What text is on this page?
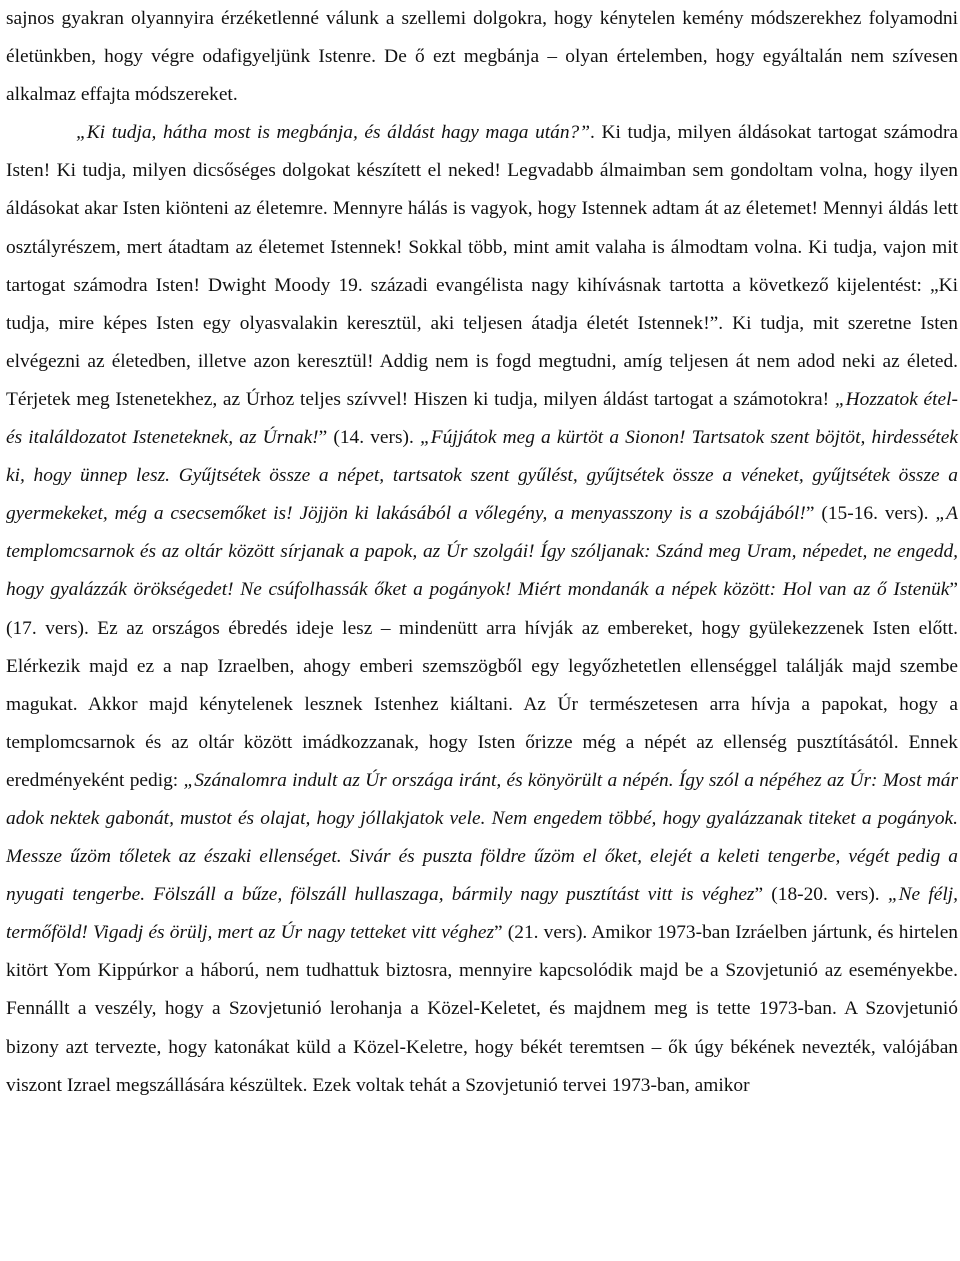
sajnos gyakran olyannyira érzéketlenné válunk a szellemi dolgokra, hogy kénytelen kemény módszerekhez folyamodni életünkben, hogy végre odafigyeljünk Istenre. De ő ezt megbánja – olyan értelemben, hogy egyáltalán nem szívesen alkalmaz effajta módszereket.

„Ki tudja, hátha most is megbánja, és áldást hagy maga után?”. Ki tudja, milyen áldásokat tartogat számodra Isten! Ki tudja, milyen dicsőséges dolgokat készített el neked! Legvadabb álmaimban sem gondoltam volna, hogy ilyen áldásokat akar Isten kiönteni az életemre. Mennyre hálás is vagyok, hogy Istennek adtam át az életemet! Mennyi áldás lett osztályrészem, mert átadtam az életemet Istennek! Sokkal több, mint amit valaha is álmodtam volna. Ki tudja, vajon mit tartogat számodra Isten! Dwight Moody 19. századi evangélista nagy kihívásnak tartotta a következő kijelentést: „Ki tudja, mire képes Isten egy olyasvalakin keresztül, aki teljesen átadja életét Istennek!”. Ki tudja, mit szeretne Isten elvégezni az életedben, illetve azon keresztül! Addig nem is fogd megtudni, amíg teljesen át nem adod neki az életed. Térjetek meg Istenetekhez, az Úrhoz teljes szívvel! Hiszen ki tudja, milyen áldást tartogat a számotokra! „Hozzatok étel-és italáldozatot Isteneteknek, az Úrnak!” (14. vers). „Fújjátok meg a kürtöt a Sionon! Tartsatok szent böjtöt, hirdessétek ki, hogy ünnep lesz. Gyűjtsétek össze a népet, tartsatok szent gyűlést, gyűjtsétek össze a véneket, gyűjtsétek össze a gyermekeket, még a csecsemőket is! Jöjjön ki lakásából a vőlegény, a menyasszony is a szobájából!” (15-16. vers). „A templomcsarnok és az oltár között sírjanak a papok, az Úr szolgái! Így szóljanak: Szánd meg Uram, népedet, ne engedd, hogy gyalázzák örökségedet! Ne csúfolhassák őket a pogányok! Miért mondanák a népek között: Hol van az ő Istenük” (17. vers). Ez az országos ébredés ideje lesz – mindenütt arra hívják az embereket, hogy gyülekezzenek Isten előtt. Elérkezik majd ez a nap Izraelben, ahogy emberi szemszögből egy legyőzhetetlen ellenséggel találják majd szembe magukat. Akkor majd kénytelenek lesznek Istenhez kiáltani. Az Úr természetesen arra hívja a papokat, hogy a templomcsarnok és az oltár között imádkozzanak, hogy Isten őrizze még a népét az ellenség pusztításától. Ennek eredményeként pedig: „Szánalomra indult az Úr országa iránt, és könyörült a népén. Így szól a népéhez az Úr: Most már adok nektek gabonát, mustot és olajat, hogy jóllakjatok vele. Nem engedem többé, hogy gyalázzanak titeket a pogányok. Messze űzöm tőletek az északi ellenséget. Sivár és puszta földre űzöm el őket, elejét a keleti tengerbe, végét pedig a nyugati tengerbe. Fölszáll a bűze, fölszáll hullaszaga, bármily nagy pusztítást vitt is véghez” (18-20. vers). „Ne félj, termőföld! Vigadj és örülj, mert az Úr nagy tetteket vitt véghez” (21. vers). Amikor 1973-ban Izráelben jártunk, és hirtelen kitört Yom Kippúrkor a háború, nem tudhattuk biztosra, mennyire kapcsolódik majd be a Szovjetunió az eseményekbe. Fennállt a veszély, hogy a Szovjetunió lerohanja a Közel-Keletet, és majdnem meg is tette 1973-ban. A Szovjetunió bizony azt tervezte, hogy katonákat küld a Közel-Keletre, hogy békét teremtsen – ők úgy békének nevezték, valójában viszont Izrael megszállására készültek. Ezek voltak tehát a Szovjetunió tervei 1973-ban, amikor
